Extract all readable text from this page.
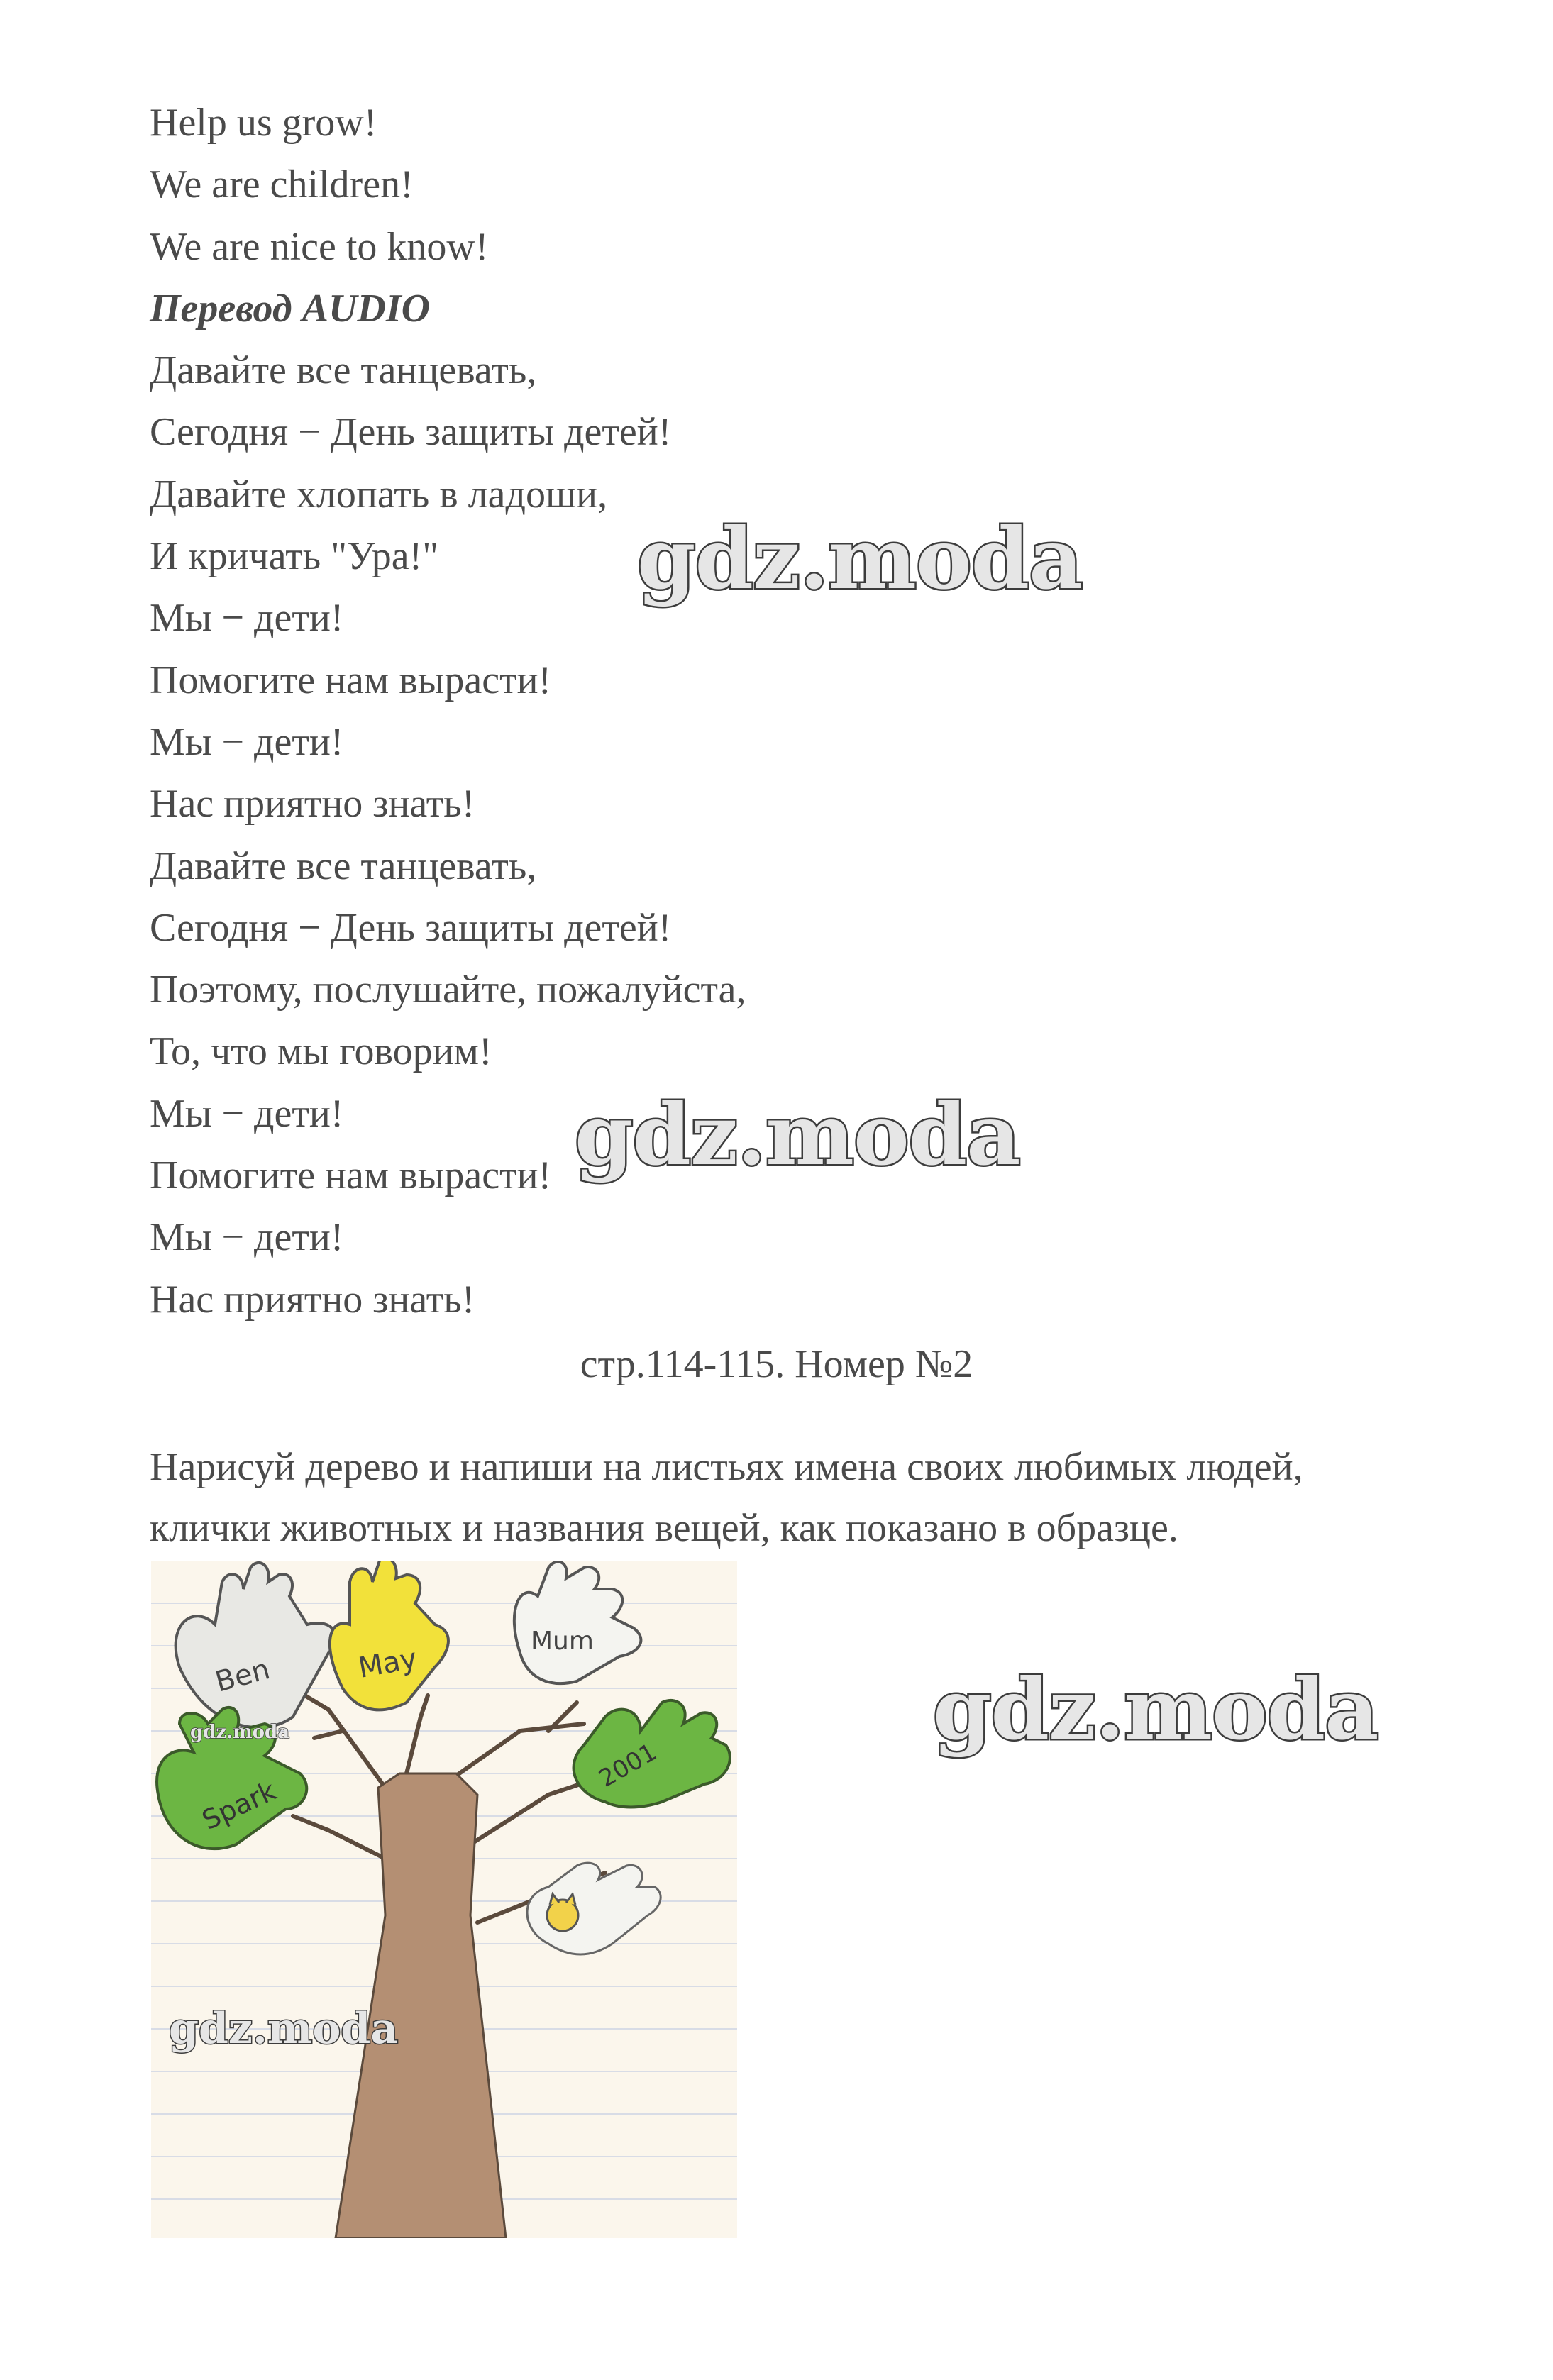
Help us grow!
We are children!
We are nice to know!
Перевод AUDIO
Давайте все танцевать,
Сегодня − День защиты детей!
Давайте хлопать в ладоши,
И кричать "Ура!"
Мы − дети!
Помогите нам вырасти!
Мы − дети!
Нас приятно знать!
Давайте все танцевать,
Сегодня − День защиты детей!
Поэтому, послушайте, пожалуйста,
То, что мы говорим!
Мы − дети!
Помогите нам вырасти!
Мы − дети!
Нас приятно знать!
стр.114-115. Номер №2
Нарисуй дерево и напиши на листьях имена своих любимых людей,
клички животных и названия вещей, как показано в образце.
Ben	May
Mum
Spark
2001
gdz.moda
gdz.moda
gdz.moda
gdz.moda
gdz.moda
